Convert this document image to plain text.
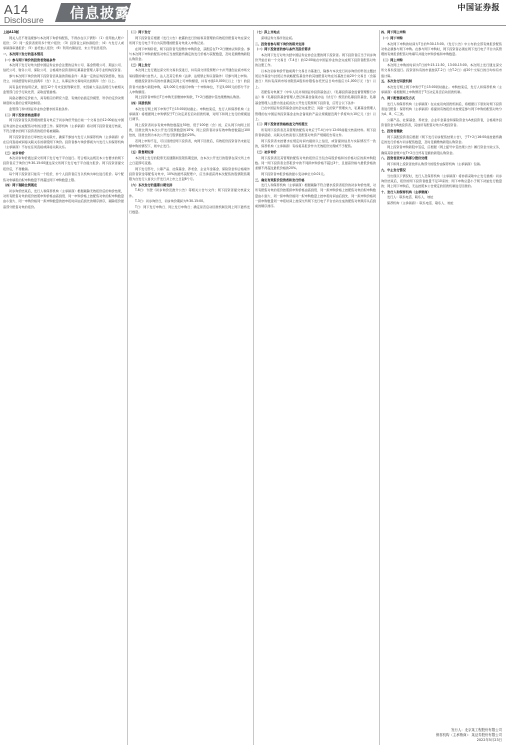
A14
Disclosure 信息披露	中国证券报

上接A13版

网关人员不得违规参与本次网下询价和配售，不得存在以下情形：（1）使用他人账户报价；（2）同一投资者使用多个账户报价；（3）投资者之间协商报价；（4）与发行人或承销商串通报价；（5）委托他人报价；（6）利用内幕信息、未公开信息报价。

一、本次网下发行的基本情况

（一）参与网下询价的投资者资格条件

本次网下发行对象为经中国证券业协会注册的证券公司、基金管理公司、期货公司、信托公司、财务公司、保险公司、合格境外投资者和私募基金管理人等专业机构投资者。

参与本次网下询价的网下投资者需具备的资格条件：具备一定的证券投资经验，依法设立、持续经营时间达到两年（含）以上，从事证券交易时间达到两年（含）以上。

具有良好的信用记录，最近12个月未受到刑事处罚、未因重大违法违规行为被相关监管部门给予行政处罚、采取监管措施。

具备必要的定价能力，具有相应的研究力量、有效的估值定价模型、科学的定价决策制度和完善的合规风控制度。

监管部门和中国证券业协会要求的其他条件。

（二）网下投资者核查要求

网下投资者及其管理的配售对象应于初步询价开始日前一个交易日的12:00前在中国证券业协会完成配售对象的注册工作。保荐机构（主承销商）将对网下投资者进行核查，不符合要求的网下投资者的报价将被剔除。

网下投资者需自行审核比对关联方，确保不参加与发行人和保荐机构（主承销商）存在任何直接或间接关联关系的新股网下询价。投资者参与询价即视为与发行人和保荐机构（主承销商）不存在任何直接或间接关联关系。

（三）初步询价

本次初步询价通过深交所网下发行电子平台进行。符合相关法规及本公告要求的网下投资者应于询价日9:30-15:00通过深交所网下发行电子平台提交报价。网下投资者提交报价后，不得撤销。

每个网下投资者只能有一个报价，非个人投资者应当以机构为单位进行报价。每个配售对象填报的拟申购数量不得超过网下申购数量上限。

（四）网下剔除比例规定

初步询价结束后，发行人和保荐机构（主承销商）根据剔除无效报价后的询价结果，对所有配售对象的报价按照申购价格由高到低、同一申购价格上按配售对象的拟申购数量由小到大、同一申购价格同一拟申购数量的按申报时间由后到先的顺序排序，剔除报价最高部分配售对象的报价。

（二）网下发行

网下投资者应根据《发行公告》披露的发行价格和其管理的有效报价配售对象在深交所网下发行电子平台为其管理的配售对象录入申购记录。

在网下申购阶段，网下投资者无需缴付申购资金，获配后在T+2日缴纳认购资金。参与本次网下申购的配售对象应当按照最终确定的发行价格与获配数量，及时足额缴纳新股认购资金。

（三）网上发行

本次网上发行通过深交所交易系统进行，持有深交所股票账户卡并开通创业板市场交易权限的境内自然人、法人及其它机构（法律、法规禁止购买者除外）可参与网上申购。

根据投资者持有的市值确定其网上可申购额度，持有市值10,000元以上（含）的投资者才能参与新股申购，每5,000元市值可申购一个申购单位，不足5,000元的部分不计入申购额度。

网上投资者申购日T日申购无需缴纳申购款，T+2日根据中签结果缴纳认购款。

（四）回拨机制

本次发行网上网下申购于T日15:00同时截止。申购结束后，发行人和保荐机构（主承销商）将根据网上申购情况于T日决定是否启动回拨机制，对网下和网上发行的规模进行调节。

网上投资者初步有效申购倍数超过50倍、低于100倍（含）的，应从网下向网上回拨，回拨比例为本次公开发行股票数量的10%；网上投资者初步有效申购倍数超过100倍的，回拨比例为本次公开发行股票数量的20%。

若网上申购不足，可以回拨给网下投资者，向网下回拨后，有效报价投资者仍未能足额申购的情况下，则中止发行。

（五）限售期安排

本次网上发行的股票无流通限制及限售期安排，自本次公开发行的股票在深交所上市之日起即可流通。

网下发行部分，公募产品、社保基金、养老金、企业年金基金、保险资金和合格境外投资者资金等配售对象中，10%的最终获配账户，应当承诺获得本次配售的股票限售期限为自发行人首次公开发行并上市之日起6个月。

（六）本次发行的重要日期安排

T-6日：刊登《初步询价及推介公告》等相关公告与文件；网下投资者提交核查文件。

T-3日：初步询价日，初步询价期间为9:30-15:00。

T日：网下发行申购日、网上发行申购日；确定是否启动回拨机制及网上网下最终发行数量。

（七）拟上市地点

深圳证券交易所创业板。

二、投资者参与网下询价的相关安排

（一）网下投资者的参与条件及报价要求

本次网下发行对象为经中国证券业协会注册的网下投资者。网下投资者应当于初步询价开始日前一个交易日（T-4日）的12:00前在中国证券业协会完成网下投资者配售对象的注册工作。

以本次初步询价开始前两个交易日为基准日，除参与本次发行初步询价的科创主题封闭运作基金与封闭运作战略配售基金外的其他配售对象在该基准日前20个交易日（含基准日）所持有深圳市场非限售A股和非限售存托凭证日均市值应为1,000万元（含）以上。

若配售对象属于《中华人民共和国证券投资基金法》、《私募投资基金监督管理暂行办法》和《私募投资基金管理人登记和基金备案办法（试行）》规范的私募投资基金，私募基金管理人注册为创业板首次公开发行股票网下投资者，应符合以下条件：

已在中国证券投资基金业协会完成登记；具备一定的资产管理实力，私募基金管理人管理的在中国证券投资基金业协会备案的产品总规模最近两个季度均为10亿元（含）以上。

（二）网下投资者资格核查文件的提交

所有网下投资者及其管理的配售对象应于T-4日中午12:00前提交核查材料。网下投资者承诺函、关联关系核查表以及配售对象资产规模报告等文件。

网下投资者未按要求在规定时间内提供以上信息，或者提供信息与实际情况不一致的，保荐机构（主承销商）有权将其报价作为无效报价处理或不予配售。

（三）初步询价

网下投资者及其管理的配售对象的报价应当包含每股价格和该价格对应的拟申购股数。同一网下投资者全部报价中的不同拟申购价格不超过3个，且最高价格与最低价格的差额不得超过最低价格的20%。

网下投资者申报价格的最小变动单位为0.01元。

三、确定有效报价投资者和发行价格

发行人和保荐机构（主承销商）根据剔除不符合要求投资者报价的初步询价结果，对所有配售对象的报价按照拟申购价格由高到低、同一拟申购价格上按配售对象的拟申购数量由小到大、同一拟申购价格同一拟申购数量上按申报时间由后到先、同一拟申购价格同一拟申购数量同一申报时间上按深交所网下发行电子平台自动生成的配售对象顺序从后到前的顺序排序。

四、网下网上申购

（一）网下申购

本次网下申购的时间为T日的9:30-15:00。《发行公告》中公布的全部有效报价配售对象必须参与网下申购。在参与网下申购时，网下投资者必须在网下发行电子平台为其管理的有效报价配售对象填写并提交申购价格和申购数量。

（二）网上申购

本次网上申购的时间为T日的9:15-11:30，13:00-15:00。本次网上发行通过深交所交易系统进行。投资者持有的市值按其T-2日（含T-2日）前20个交易日的日均持有市值计算。

五、本次发行回拨机制

本次发行网上网下申购于T日15:00同时截止。申购结束后，发行人和保荐机构（主承销商）将根据网上申购情况于T日决定是否启动回拨机制。

六、网下配售原则及方式

发行人和保荐机构（主承销商）在完成双向回拨机制后，将根据以下原则对网下投资者进行配售：保荐机构（主承销商）将提供有效报价并按规定参与网下申购的配售对象分为A、B、C三类。

公募产品、社保基金、养老金、企业年金基金和保险资金为A类投资者，合格境外投资者资金为B类投资者，其他所有配售对象为C类投资者。

七、投资者缴款

网下获配投资者应根据《网下发行初步配售结果公告》，于T+2日16:00前按最终确定的发行价格与初步配售数量，及时足额缴纳新股认购资金。

网上投资者申购新股中签后，应根据《网上摇号中签结果公告》履行资金交收义务，确保其资金账户在T+2日日终有足额的新股认购资金。

八、投资者放弃认购部分股份处理

网下和网上投资者放弃认购部分的股份由保荐机构（主承销商）包销。

九、中止发行情况

当出现以下情况时，发行人及保荐机构（主承销商）将协商采取中止发行措施：初步询价结束后，报价的网下投资者数量不足10家的；网下申购总量小于网下初始发行数量的；网上网下申购后，无法按照本公告规定的回拨机制进行回拨的。

十、发行人和保荐机构（主承销商）

发行人：联系电话、联系人、地址

保荐机构（主承销商）：联系电话、联系人、地址

发行人：北京某工程股份有限公司
保荐机构（主承销商）：某证券股份有限公司
2022年5月23日
